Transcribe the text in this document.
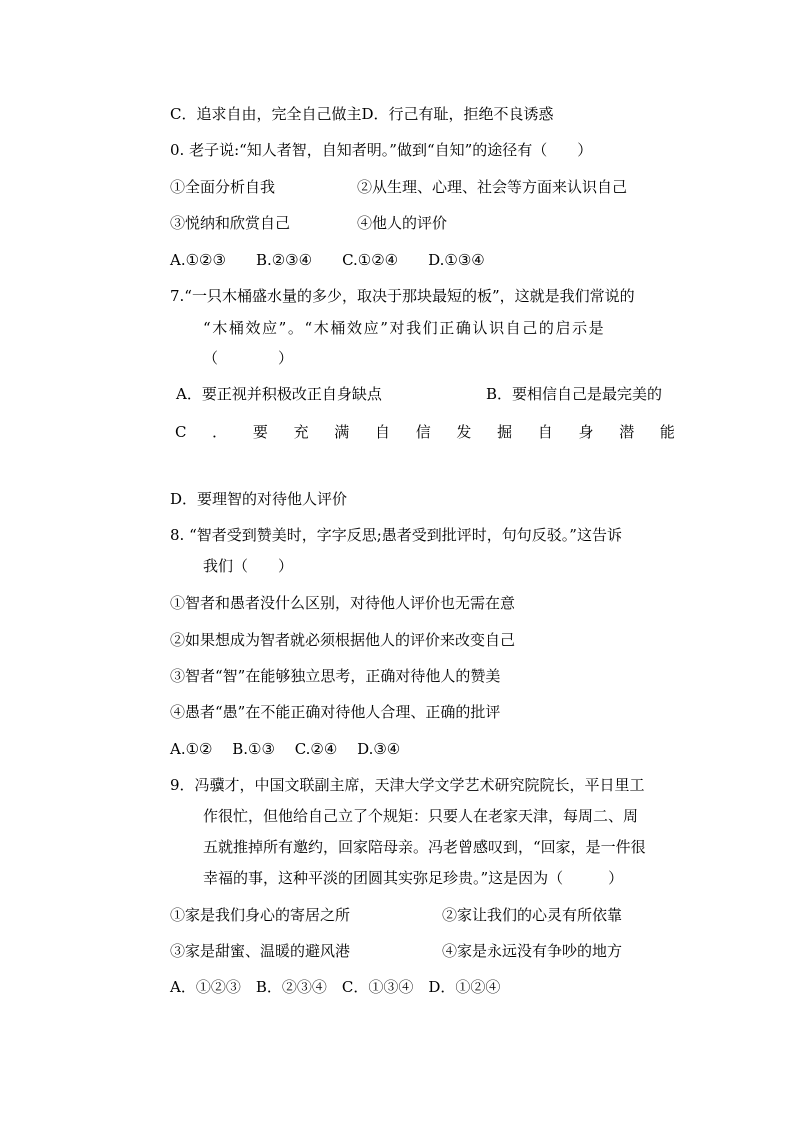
C．追求自由，完全自己做主D．行己有耻，拒绝不良诱惑
0. 老子说:“知人者智，自知者明。”做到“自知”的途径有（　　）
①全面分析自我	②从生理、心理、社会等方面来认识自己
③悦纳和欣赏自己	④他人的评价
A.①②③　　B.②③④　　C.①②④　　D.①③④
7.“一只木桶盛水量的多少，取决于那块最短的板”，这就是我们常说的
“木桶效应”。“木桶效应”对我们正确认识自己的启示是
（　　　　）
A．要正视并积极改正自身缺点	B．要相信自己是最完美的
C ． 要 充 满 自 信 发 掘 自 身 潜 能
D．要理智的对待他人评价
8. “智者受到赞美时，字字反思;愚者受到批评时，句句反驳。”这告诉
我们（　　）
①智者和愚者没什么区别，对待他人评价也无需在意
②如果想成为智者就必须根据他人的评价来改变自己
③智者“智”在能够独立思考，正确对待他人的赞美
④愚者“愚”在不能正确对待他人合理、正确的批评
A.①②　 B.①③　 C.②④　 D.③④
9．冯骥才，中国文联副主席，天津大学文学艺术研究院院长，平日里工
作很忙，但他给自己立了个规矩：只要人在老家天津，每周二、周
五就推掉所有邀约，回家陪母亲。冯老曾感叹到，“回家，是一件很
幸福的事，这种平淡的团圆其实弥足珍贵。”这是因为（　　　）
①家是我们身心的寄居之所	②家让我们的心灵有所依靠
③家是甜蜜、温暖的避风港	④家是永远没有争吵的地方
A．①②③　B．②③④　C．①③④　D．①②④
